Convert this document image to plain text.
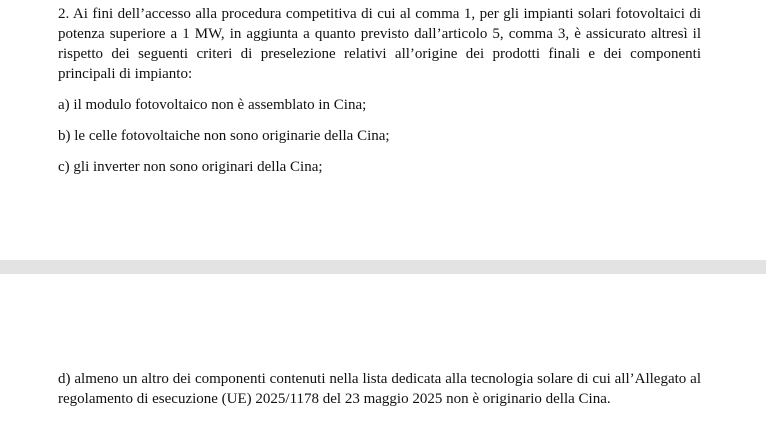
2. Ai fini dell’accesso alla procedura competitiva di cui al comma 1, per gli impianti solari fotovoltaici di potenza superiore a 1 MW, in aggiunta a quanto previsto dall’articolo 5, comma 3, è assicurato altresì il rispetto dei seguenti criteri di preselezione relativi all’origine dei prodotti finali e dei componenti principali di impianto:

a) il modulo fotovoltaico non è assemblato in Cina;
b) le celle fotovoltaiche non sono originarie della Cina;
c) gli inverter non sono originari della Cina;

d) almeno un altro dei componenti contenuti nella lista dedicata alla tecnologia solare di cui all’Allegato al regolamento di esecuzione (UE) 2025/1178 del 23 maggio 2025 non è originario della Cina.
